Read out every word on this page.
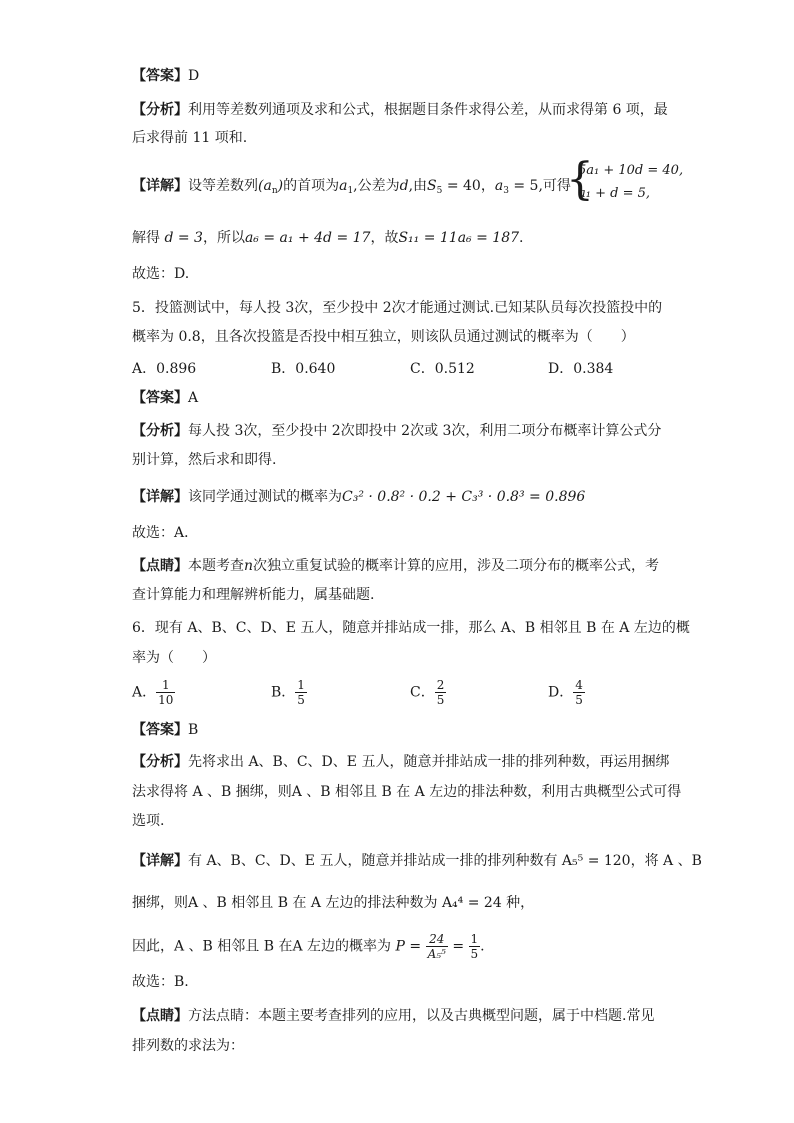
【答案】D
【分析】利用等差数列通项及求和公式，根据题目条件求得公差，从而求得第 6 项，最
后求得前 11 项和.
【详解】设等差数列$(a_n)$的首项为$a_1$,公差为d,由$S_5 = 40$，$a_3 = 5$,可得
{
5a₁ + 10d = 40,
a₁ + d = 5,
解得 d = 3，所以a₆ = a₁ + 4d = 17，故S₁₁ = 11a₆ = 187.
故选：D.
5．投篮测试中，每人投 3次，至少投中 2次才能通过测试.已知某队员每次投篮投中的
概率为 0.8，且各次投篮是否投中相互独立，则该队员通过测试的概率为（　　）
A．0.896	B．0.640	C．0.512	D．0.384
【答案】A
【分析】每人投 3次，至少投中 2次即投中 2次或 3次，利用二项分布概率计算公式分
别计算，然后求和即得.
【详解】该同学通过测试的概率为C₃² · 0.8² · 0.2 + C₃³ · 0.8³ = 0.896
故选：A．
【点睛】本题考查n次独立重复试验的概率计算的应用，涉及二项分布的概率公式，考
查计算能力和理解辨析能力，属基础题.
6．现有 A、B、C、D、E 五人，随意并排站成一排，那么 A、B 相邻且 B 在 A 左边的概
率为（　　）
A． $\frac{1}{10}$	B． $\frac{1}{5}$	C． $\frac{2}{5}$	D． $\frac{4}{5}$
【答案】B
【分析】先将求出 A、B、C、D、E 五人，随意并排站成一排的排列种数，再运用捆绑
法求得将 A 、B 捆绑，则A 、B 相邻且 B 在 A 左边的排法种数，利用古典概型公式可得
选项.
【详解】有 A、B、C、D、E 五人，随意并排站成一排的排列种数有 A₅⁵ = 120，将 A 、B
捆绑，则A 、B 相邻且 B 在 A 左边的排法种数为 A₄⁴ = 24 种，
因此，A 、B 相邻且 B 在A 左边的概率为 $P = \frac{24}{\text{A₅⁵}} = \frac{1}{5}$ .
故选：B.
【点睛】方法点睛：本题主要考查排列的应用，以及古典概型问题，属于中档题.常见
排列数的求法为：
